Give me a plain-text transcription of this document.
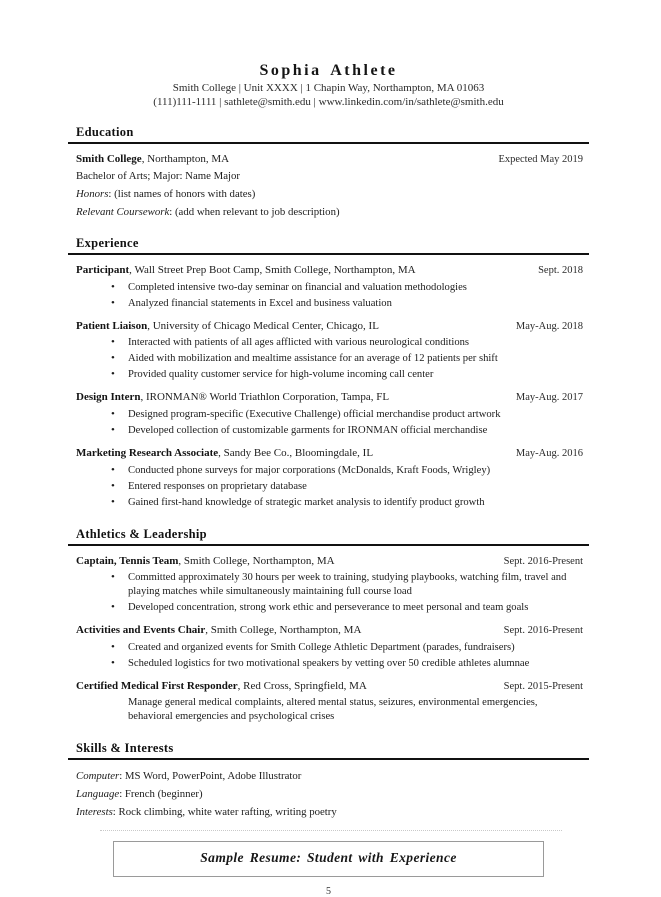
Sophia Athlete
Smith College | Unit XXXX | 1 Chapin Way, Northampton, MA 01063
(111)111-1111 | sathlete@smith.edu | www.linkedin.com/in/sathlete@smith.edu
Education
Smith College, Northampton, MA	Expected May 2019
Bachelor of Arts; Major: Name Major
Honors: (list names of honors with dates)
Relevant Coursework: (add when relevant to job description)
Experience
Participant, Wall Street Prep Boot Camp, Smith College, Northampton, MA	Sept. 2018
• Completed intensive two-day seminar on financial and valuation methodologies
• Analyzed financial statements in Excel and business valuation
Patient Liaison, University of Chicago Medical Center, Chicago, IL	May-Aug. 2018
• Interacted with patients of all ages afflicted with various neurological conditions
• Aided with mobilization and mealtime assistance for an average of 12 patients per shift
• Provided quality customer service for high-volume incoming call center
Design Intern, IRONMAN® World Triathlon Corporation, Tampa, FL	May-Aug. 2017
• Designed program-specific (Executive Challenge) official merchandise product artwork
• Developed collection of customizable garments for IRONMAN official merchandise
Marketing Research Associate, Sandy Bee Co., Bloomingdale, IL	May-Aug. 2016
• Conducted phone surveys for major corporations (McDonalds, Kraft Foods, Wrigley)
• Entered responses on proprietary database
• Gained first-hand knowledge of strategic market analysis to identify product growth
Athletics & Leadership
Captain, Tennis Team, Smith College, Northampton, MA	Sept. 2016-Present
• Committed approximately 30 hours per week to training, studying playbooks, watching film, travel and playing matches while simultaneously maintaining full course load
• Developed concentration, strong work ethic and perseverance to meet personal and team goals
Activities and Events Chair, Smith College, Northampton, MA	Sept. 2016-Present
• Created and organized events for Smith College Athletic Department (parades, fundraisers)
• Scheduled logistics for two motivational speakers by vetting over 50 credible athletes alumnae
Certified Medical First Responder, Red Cross, Springfield, MA	Sept. 2015-Present
Manage general medical complaints, altered mental status, seizures, environmental emergencies, behavioral emergencies and psychological crises
Skills & Interests
Computer: MS Word, PowerPoint, Adobe Illustrator
Language: French (beginner)
Interests: Rock climbing, white water rafting, writing poetry
Sample Resume: Student with Experience
5
